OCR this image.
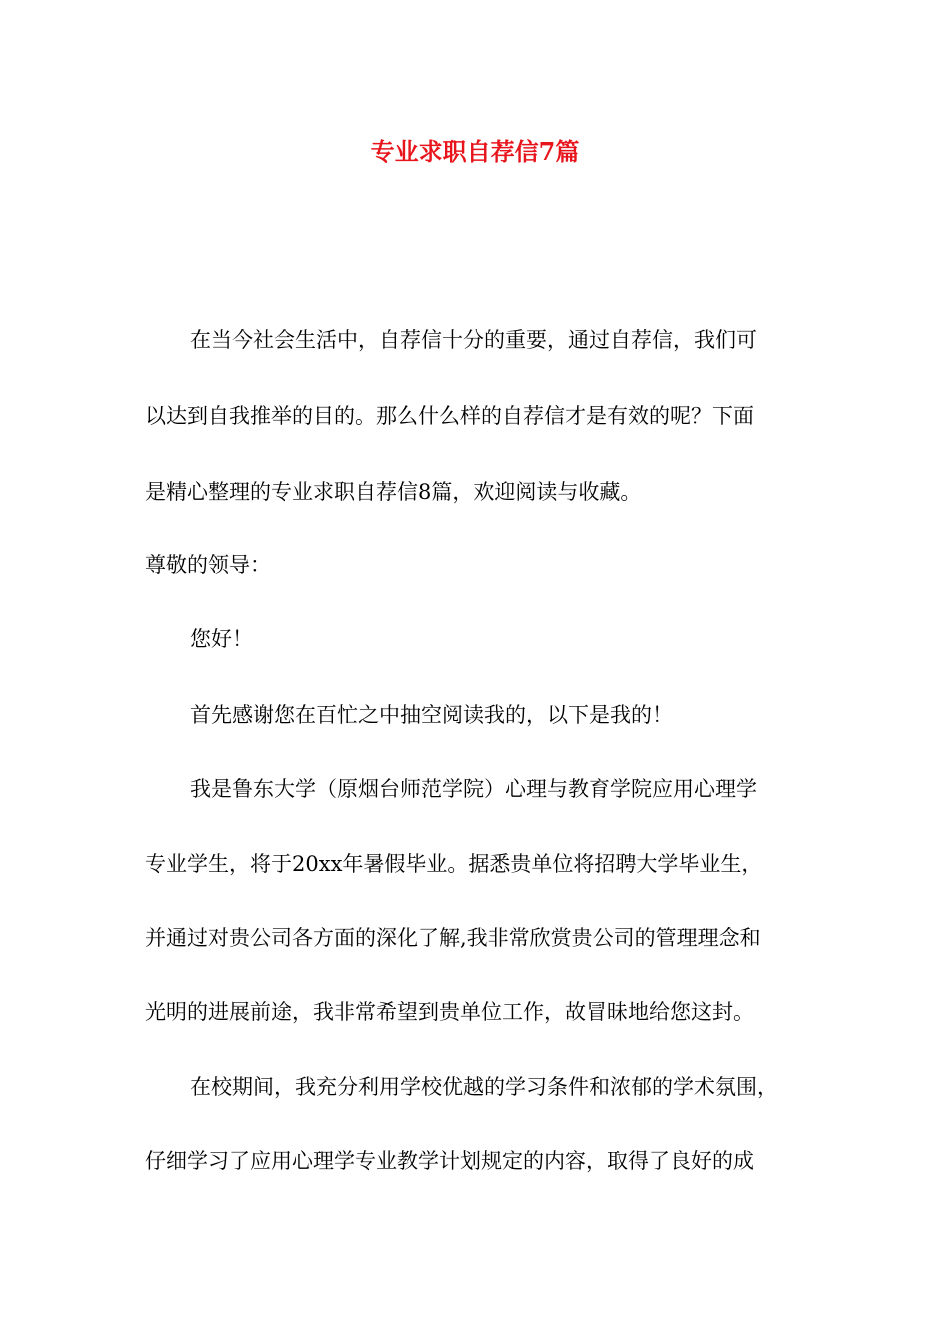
专业求职自荐信7篇

在当今社会生活中，自荐信十分的重要，通过自荐信，我们可

以达到自我推举的目的。那么什么样的自荐信才是有效的呢？下面

是精心整理的专业求职自荐信8篇，欢迎阅读与收藏。

尊敬的领导：

您好！

首先感谢您在百忙之中抽空阅读我的，以下是我的！

我是鲁东大学（原烟台师范学院）心理与教育学院应用心理学

专业学生，将于20xx年暑假毕业。据悉贵单位将招聘大学毕业生，

并通过对贵公司各方面的深化了解,我非常欣赏贵公司的管理理念和

光明的进展前途，我非常希望到贵单位工作，故冒昧地给您这封。

在校期间，我充分利用学校优越的学习条件和浓郁的学术氛围，

仔细学习了应用心理学专业教学计划规定的内容，取得了良好的成
